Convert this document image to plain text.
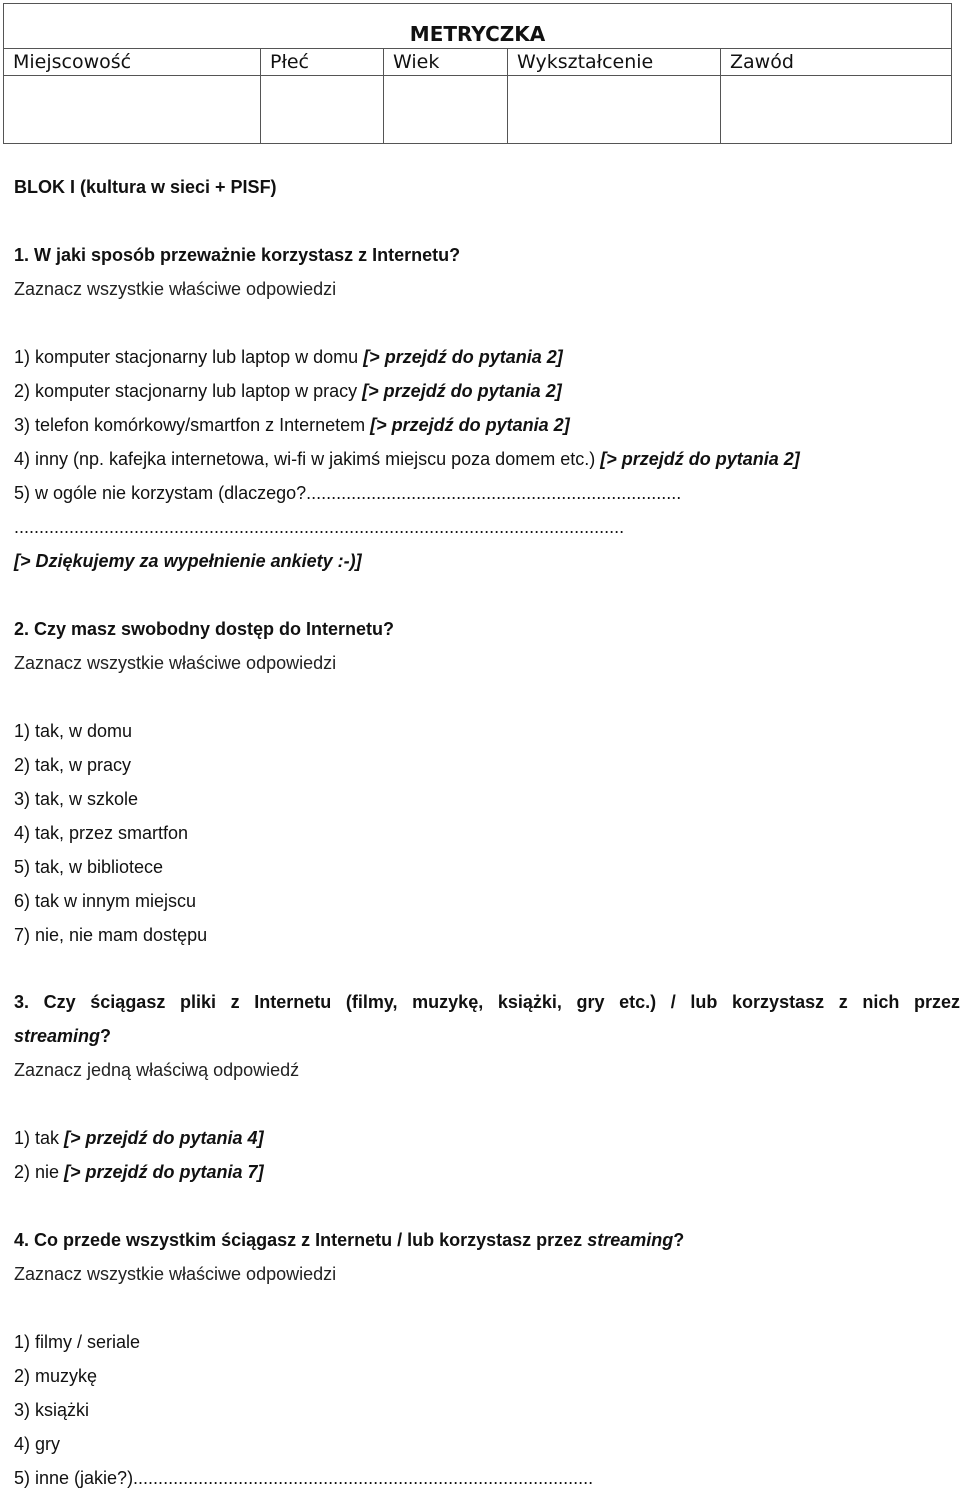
METRYCZKA				
Miejscowość	Płeć	Wiek	Wykształcenie	Zawód

BLOK I (kultura w sieci + PISF)
1. W jaki sposób przeważnie korzystasz z Internetu?
Zaznacz wszystkie właściwe odpowiedzi
1) komputer stacjonarny lub laptop w domu [> przejdź do pytania 2]
2) komputer stacjonarny lub laptop w pracy [> przejdź do pytania 2]
3) telefon komórkowy/smartfon z Internetem [> przejdź do pytania 2]
4) inny (np. kafejka internetowa, wi-fi w jakimś miejscu poza domem etc.) [> przejdź do pytania 2]
5) w ogóle nie korzystam (dlaczego?...........................................................................
..........................................................................................................................
[> Dziękujemy za wypełnienie ankiety :-)]
2. Czy masz swobodny dostęp do Internetu?
Zaznacz wszystkie właściwe odpowiedzi
1) tak, w domu
2) tak, w pracy
3) tak, w szkole
4) tak, przez smartfon
5) tak, w bibliotece
6) tak w innym miejscu
7) nie, nie mam dostępu
3. Czy ściągasz pliki z Internetu (filmy, muzykę, książki, gry etc.) / lub korzystasz z nich przez
streaming?
Zaznacz jedną właściwą odpowiedź
1) tak [> przejdź do pytania 4]
2) nie [> przejdź do pytania 7]
4. Co przede wszystkim ściągasz z Internetu / lub korzystasz przez streaming?
Zaznacz wszystkie właściwe odpowiedzi
1) filmy / seriale
2) muzykę
3) książki
4) gry
5) inne (jakie?)............................................................................................
